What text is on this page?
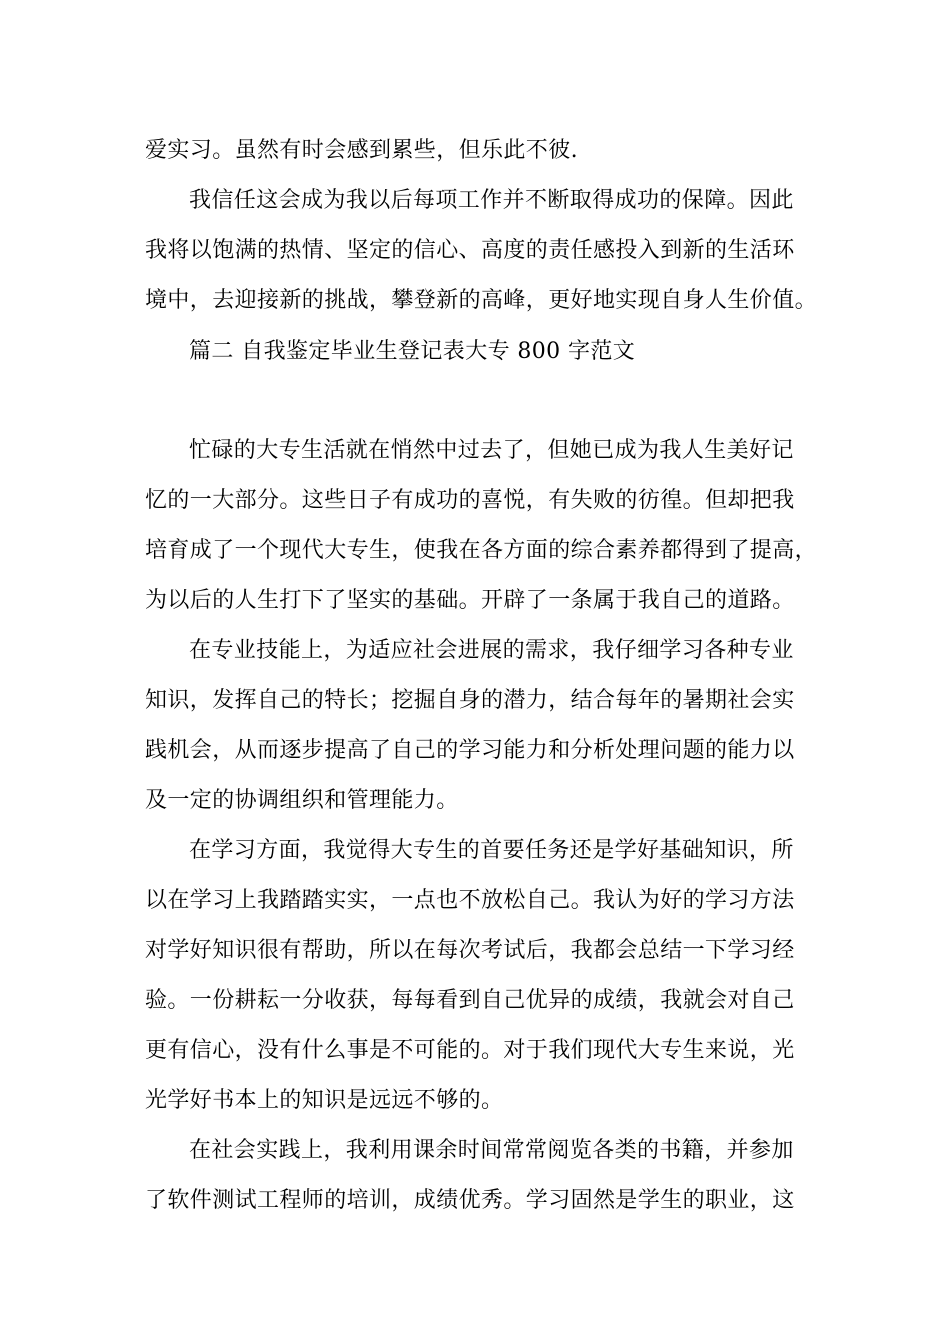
爱实习。虽然有时会感到累些，但乐此不彼.
我信任这会成为我以后每项工作并不断取得成功的保障。因此
我将以饱满的热情、坚定的信心、高度的责任感投入到新的生活环
境中，去迎接新的挑战，攀登新的高峰，更好地实现自身人生价值。
篇二 自我鉴定毕业生登记表大专 800 字范文
忙碌的大专生活就在悄然中过去了，但她已成为我人生美好记
忆的一大部分。这些日子有成功的喜悦，有失败的彷徨。但却把我
培育成了一个现代大专生，使我在各方面的综合素养都得到了提高，
为以后的人生打下了坚实的基础。开辟了一条属于我自己的道路。
在专业技能上，为适应社会进展的需求，我仔细学习各种专业
知识，发挥自己的特长；挖掘自身的潜力，结合每年的暑期社会实
践机会，从而逐步提高了自己的学习能力和分析处理问题的能力以
及一定的协调组织和管理能力。
在学习方面，我觉得大专生的首要任务还是学好基础知识，所
以在学习上我踏踏实实，一点也不放松自己。我认为好的学习方法
对学好知识很有帮助，所以在每次考试后，我都会总结一下学习经
验。一份耕耘一分收获，每每看到自己优异的成绩，我就会对自己
更有信心，没有什么事是不可能的。对于我们现代大专生来说，光
光学好书本上的知识是远远不够的。
在社会实践上，我利用课余时间常常阅览各类的书籍，并参加
了软件测试工程师的培训，成绩优秀。学习固然是学生的职业，这
